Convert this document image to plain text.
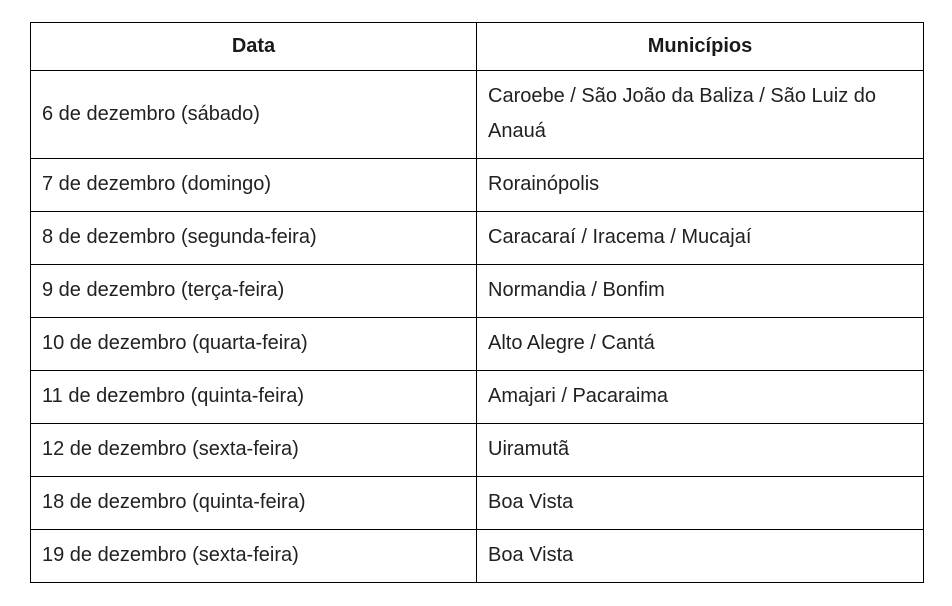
Data	Municípios
6 de dezembro (sábado)	Caroebe / São João da Baliza / São Luiz do Anauá
7 de dezembro (domingo)	Rorainópolis
8 de dezembro (segunda-feira)	Caracaraí / Iracema / Mucajaí
9 de dezembro (terça-feira)	Normandia / Bonfim
10 de dezembro (quarta-feira)	Alto Alegre / Cantá
11 de dezembro (quinta-feira)	Amajari / Pacaraima
12 de dezembro (sexta-feira)	Uiramutã
18 de dezembro (quinta-feira)	Boa Vista
19 de dezembro (sexta-feira)	Boa Vista
